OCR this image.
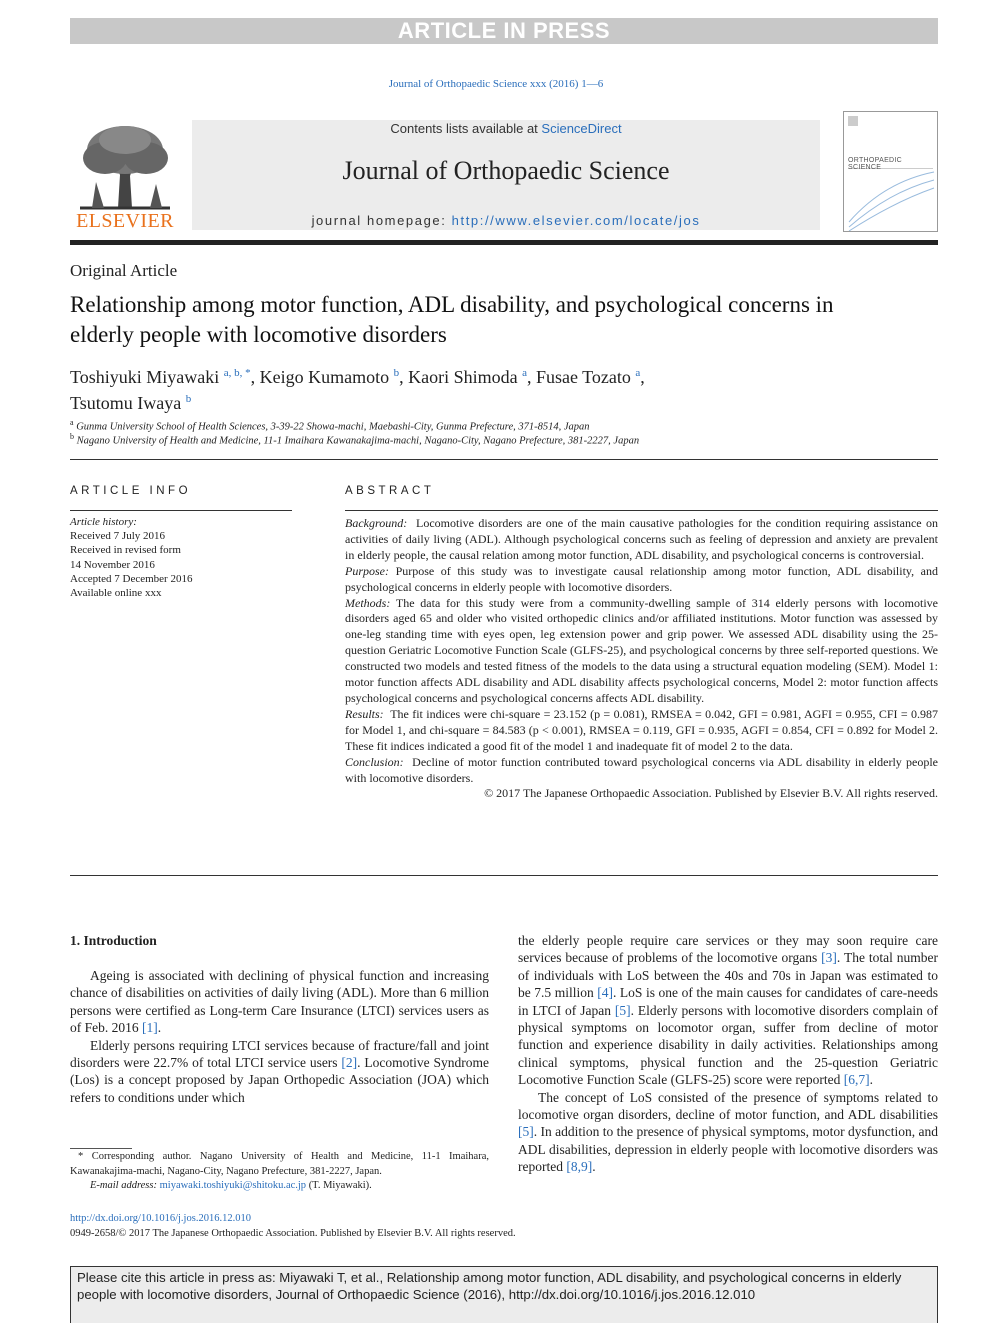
ARTICLE IN PRESS
Journal of Orthopaedic Science xxx (2016) 1—6
ELSEVIER
Contents lists available at ScienceDirect
Journal of Orthopaedic Science
journal homepage: http://www.elsevier.com/locate/jos
ORTHOPAEDIC SCIENCE
Original Article
Relationship among motor function, ADL disability, and psychological concerns in elderly people with locomotive disorders
Toshiyuki Miyawaki $^{a, b, *}$, Keigo Kumamoto $^b$, Kaori Shimoda $^a$, Fusae Tozato $^a$,
Tsutomu Iwaya $^b$
$^a$ Gunma University School of Health Sciences, 3-39-22 Showa-machi, Maebashi-City, Gunma Prefecture, 371-8514, Japan
$^b$ Nagano University of Health and Medicine, 11-1 Imaihara Kawanakajima-machi, Nagano-City, Nagano Prefecture, 381-2227, Japan
ARTICLE INFO
Article history:
Received 7 July 2016
Received in revised form
14 November 2016
Accepted 7 December 2016
Available online xxx
ABSTRACT

Background: Locomotive disorders are one of the main causative pathologies for the condition requiring assistance on activities of daily living (ADL). Although psychological concerns such as feeling of depression and anxiety are prevalent in elderly people, the causal relation among motor function, ADL disability, and psychological concerns is controversial.

Purpose: Purpose of this study was to investigate causal relationship among motor function, ADL disability, and psychological concerns in elderly people with locomotive disorders.

Methods: The data for this study were from a community-dwelling sample of 314 elderly persons with locomotive disorders aged 65 and older who visited orthopedic clinics and/or affiliated institutions. Motor function was assessed by one-leg standing time with eyes open, leg extension power and grip power. We assessed ADL disability using the 25-question Geriatric Locomotive Function Scale (GLFS-25), and psychological concerns by three self-reported questions. We constructed two models and tested fitness of the models to the data using a structural equation modeling (SEM). Model 1: motor function affects ADL disability and ADL disability affects psychological concerns, Model 2: motor function affects psychological concerns and psychological concerns affects ADL disability.

Results: The fit indices were chi-square = 23.152 (p = 0.081), RMSEA = 0.042, GFI = 0.981, AGFI = 0.955, CFI = 0.987 for Model 1, and chi-square = 84.583 (p < 0.001), RMSEA = 0.119, GFI = 0.935, AGFI = 0.854, CFI = 0.892 for Model 2. These fit indices indicated a good fit of the model 1 and inadequate fit of model 2 to the data.

Conclusion: Decline of motor function contributed toward psychological concerns via ADL disability in elderly people with locomotive disorders.

© 2017 The Japanese Orthopaedic Association. Published by Elsevier B.V. All rights reserved.

1. Introduction

Ageing is associated with declining of physical function and increasing chance of disabilities on activities of daily living (ADL). More than 6 million persons were certified as Long-term Care Insurance (LTCI) services users as of Feb. 2016 [1].

Elderly persons requiring LTCI services because of fracture/fall and joint disorders were 22.7% of total LTCI service users [2]. Locomotive Syndrome (Los) is a concept proposed by Japan Orthopedic Association (JOA) which refers to conditions under which

the elderly people require care services or they may soon require care services because of problems of the locomotive organs [3]. The total number of individuals with LoS between the 40s and 70s in Japan was estimated to be 7.5 million [4]. LoS is one of the main causes for candidates of care-needs in LTCI of Japan [5]. Elderly persons with locomotive disorders complain of physical symptoms on locomotor organ, suffer from decline of motor function and experience disability in daily activities. Relationships among clinical symptoms, physical function and the 25-question Geriatric Locomotive Function Scale (GLFS-25) score were reported [6,7].

The concept of LoS consisted of the presence of symptoms related to locomotive organ disorders, decline of motor function, and ADL disabilities [5]. In addition to the presence of physical symptoms, motor dysfunction, and ADL disabilities, depression in elderly people with locomotive disorders was reported [8,9].

* Corresponding author. Nagano University of Health and Medicine, 11-1 Imaihara, Kawanakajima-machi, Nagano-City, Nagano Prefecture, 381-2227, Japan.

E-mail address: miyawaki.toshiyuki@shitoku.ac.jp (T. Miyawaki).

http://dx.doi.org/10.1016/j.jos.2016.12.010
0949-2658/© 2017 The Japanese Orthopaedic Association. Published by Elsevier B.V. All rights reserved.
Please cite this article in press as: Miyawaki T, et al., Relationship among motor function, ADL disability, and psychological concerns in elderly people with locomotive disorders, Journal of Orthopaedic Science (2016), http://dx.doi.org/10.1016/j.jos.2016.12.010
